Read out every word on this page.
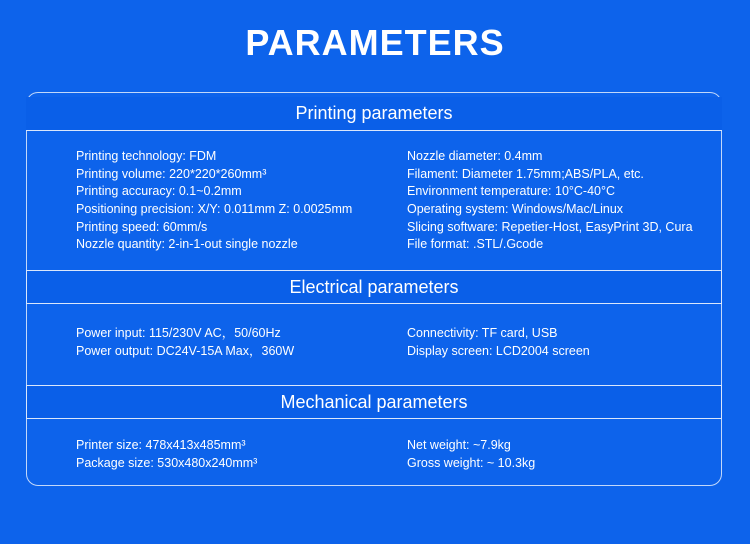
PARAMETERS
Printing parameters
Printing technology: FDM
Printing volume: 220*220*260mm³
Printing accuracy: 0.1~0.2mm
Positioning precision: X/Y: 0.011mm Z: 0.0025mm
Printing speed: 60mm/s
Nozzle quantity: 2-in-1-out single nozzle
Nozzle diameter: 0.4mm
Filament: Diameter 1.75mm;ABS/PLA, etc.
Environment temperature: 10°C-40°C
Operating system: Windows/Mac/Linux
Slicing software: Repetier-Host, EasyPrint 3D, Cura
File format: .STL/.Gcode
Electrical parameters
Power input: 115/230V AC，50/60Hz
Power output: DC24V-15A Max，360W
Connectivity: TF card, USB
Display screen: LCD2004 screen
Mechanical parameters
Printer size: 478x413x485mm³
Package size: 530x480x240mm³
Net weight: ~7.9kg
Gross weight: ~ 10.3kg
